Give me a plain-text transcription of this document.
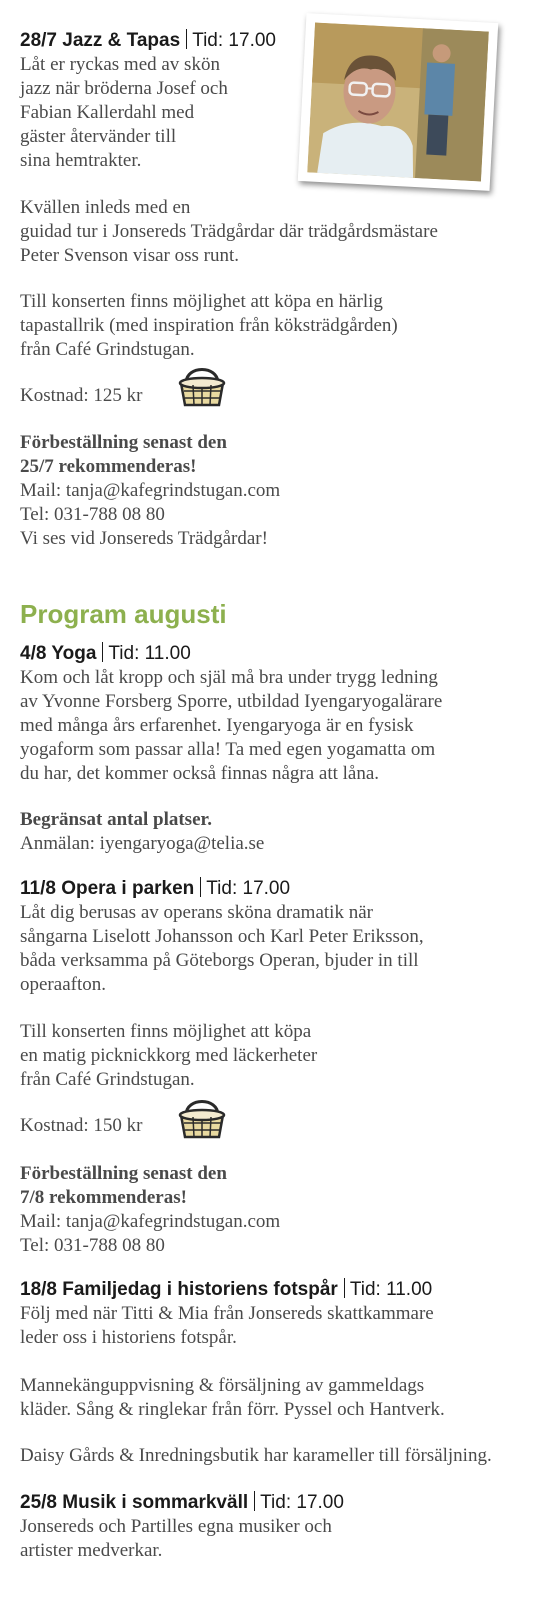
28/7 Jazz & Tapas Tid: 17.00
Låt er ryckas med av skön
jazz när bröderna Josef och
Fabian Kallerdahl med
gäster återvänder till
sina hemtrakter.
Kvällen inleds med en
guidad tur i Jonsereds Trädgårdar där trädgårdsmästare
Peter Svenson visar oss runt.
Till konserten finns möjlighet att köpa en härlig
tapastallrik (med inspiration från köksträdgården)
från Café Grindstugan.
Kostnad: 125 kr
Förbeställning senast den
25/7 rekommenderas!
Mail: tanja@kafegrindstugan.com
Tel: 031-788 08 80
Vi ses vid Jonsereds Trädgårdar!
Program augusti
4/8 Yoga Tid: 11.00
Kom och låt kropp och själ må bra under trygg ledning
av Yvonne Forsberg Sporre, utbildad Iyengaryogalärare
med många års erfarenhet. Iyengaryoga är en fysisk
yogaform som passar alla! Ta med egen yogamatta om
du har, det kommer också finnas några att låna.
Begränsat antal platser.
Anmälan: iyengaryoga@telia.se
11/8 Opera i parken Tid: 17.00
Låt dig berusas av operans sköna dramatik när
sångarna Liselott Johansson och Karl Peter Eriksson,
båda verksamma på Göteborgs Operan, bjuder in till
operaafton.
Till konserten finns möjlighet att köpa
en matig picknickkorg med läckerheter
från Café Grindstugan.
Kostnad: 150 kr
Förbeställning senast den
7/8 rekommenderas!
Mail: tanja@kafegrindstugan.com
Tel: 031-788 08 80
18/8 Familjedag i historiens fotspår Tid: 11.00
Följ med när Titti & Mia från Jonsereds skattkammare
leder oss i historiens fotspår.
Mannekänguppvisning & försäljning av gammeldags
kläder. Sång & ringlekar från förr. Pyssel och Hantverk.
Daisy Gårds & Inredningsbutik har karameller till försäljning.
25/8 Musik i sommarkväll Tid: 17.00
Jonsereds och Partilles egna musiker och
artister medverkar.
